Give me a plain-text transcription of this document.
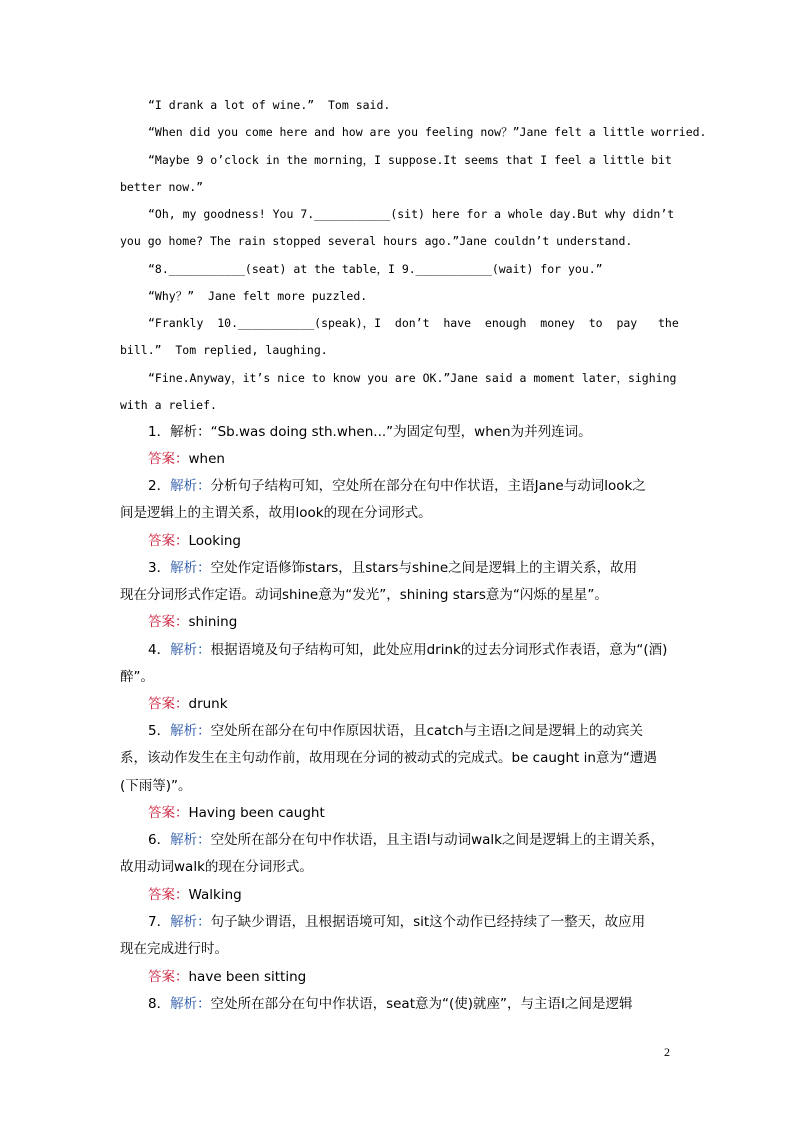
“I drank a lot of wine.”  Tom said.
“When did you come here and how are you feeling now？”Jane felt a little worried.
“Maybe 9 o’clock in the morning，I suppose.It seems that I feel a little bit
better now.”
“Oh, my goodness! You 7.___________(sit) here for a whole day.But why didn’t
you go home? The rain stopped several hours ago.”Jane couldn’t understand.
“8.___________(seat) at the table，I 9.___________(wait) for you.”
“Why？”  Jane felt more puzzled.
“Frankly  10.___________(speak)，I  don’t  have  enough  money  to  pay   the
bill.”  Tom replied, laughing.
“Fine.Anyway，it’s nice to know you are OK.”Jane said a moment later，sighing
with a relief.
1．解析：“Sb.was doing sth.when...”为固定句型，when为并列连词。
答案：when
2．解析：分析句子结构可知，空处所在部分在句中作状语，主语Jane与动词look之
间是逻辑上的主谓关系，故用look的现在分词形式。
答案：Looking
3．解析：空处作定语修饰stars，且stars与shine之间是逻辑上的主谓关系，故用
现在分词形式作定语。动词shine意为“发光”，shining stars意为“闪烁的星星”。
答案：shining
4．解析：根据语境及句子结构可知，此处应用drink的过去分词形式作表语，意为“(酒)
醉”。
答案：drunk
5．解析：空处所在部分在句中作原因状语，且catch与主语I之间是逻辑上的动宾关
系，该动作发生在主句动作前，故用现在分词的被动式的完成式。be caught in意为“遭遇
(下雨等)”。
答案：Having been caught
6．解析：空处所在部分在句中作状语，且主语I与动词walk之间是逻辑上的主谓关系，
故用动词walk的现在分词形式。
答案：Walking
7．解析：句子缺少谓语，且根据语境可知，sit这个动作已经持续了一整天，故应用
现在完成进行时。
答案：have been sitting
8．解析：空处所在部分在句中作状语，seat意为“(使)就座”，与主语I之间是逻辑
2
